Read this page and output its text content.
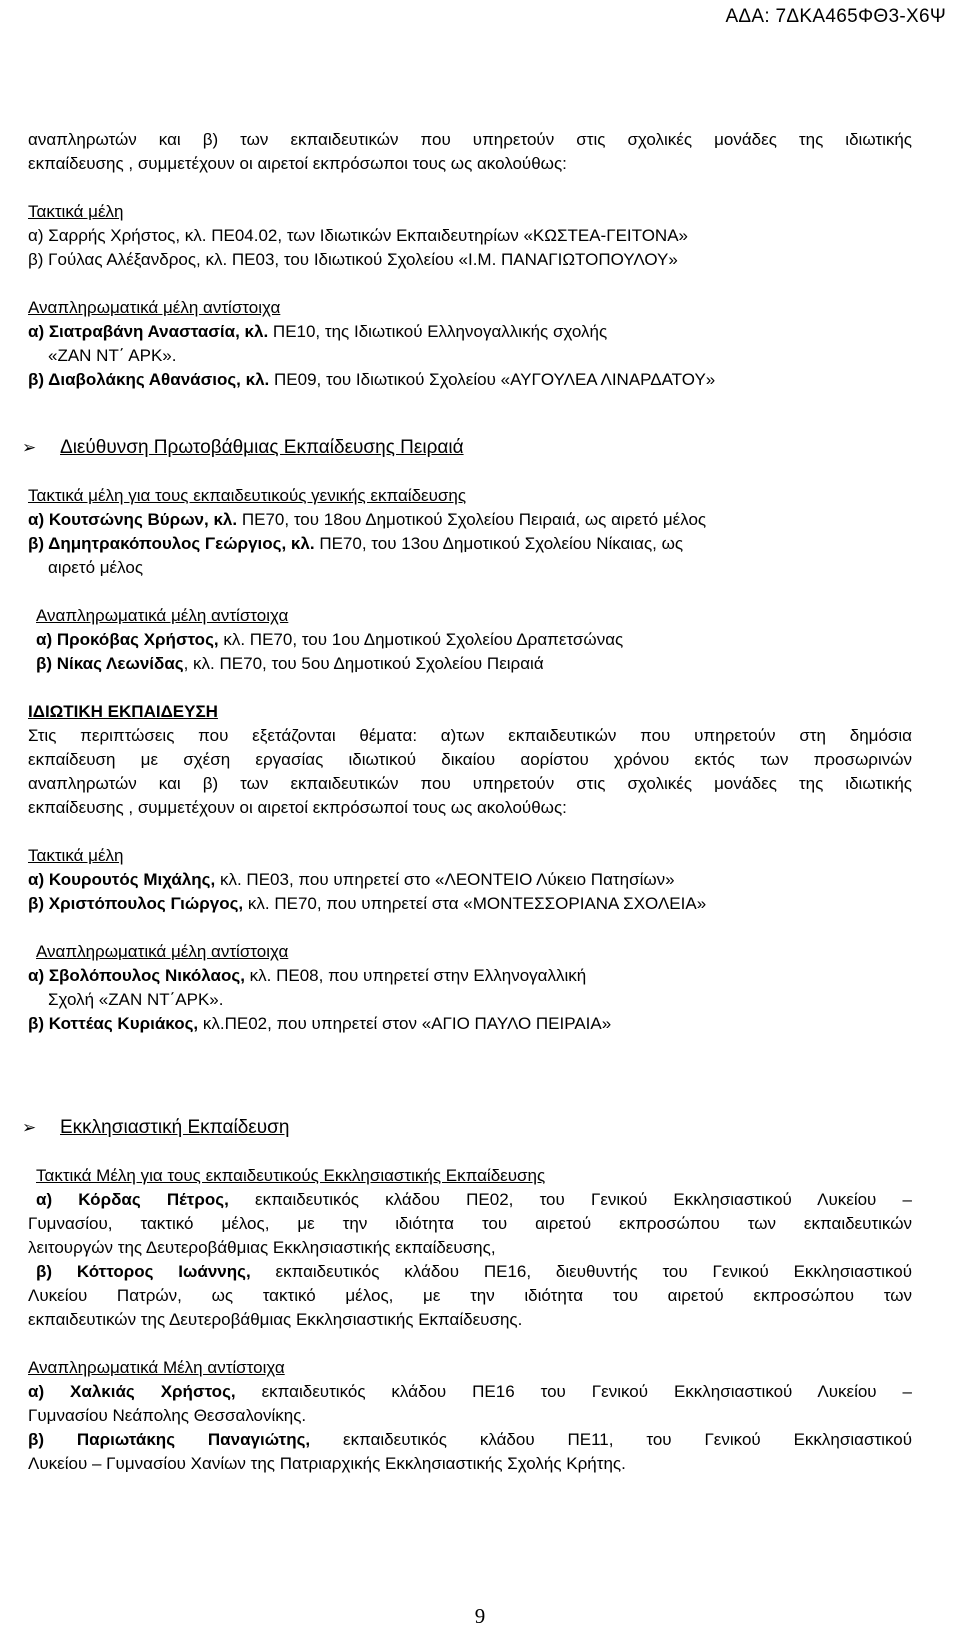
ΑΔΑ: 7ΔΚΑ465ΦΘ3-Χ6Ψ
αναπληρωτών και β) των εκπαιδευτικών που υπηρετούν στις σχολικές μονάδες της ιδιωτικής
εκπαίδευσης , συμμετέχουν οι αιρετοί εκπρόσωποι τους ως ακολούθως:
Τακτικά μέλη
α) Σαρρής Χρήστος, κλ. ΠΕ04.02, των Ιδιωτικών Εκπαιδευτηρίων «ΚΩΣΤΕΑ-ΓΕΙΤΟΝΑ»
β) Γούλας Αλέξανδρος, κλ. ΠΕ03, του Ιδιωτικού Σχολείου «Ι.Μ. ΠΑΝΑΓΙΩΤΟΠΟΥΛΟΥ»
Αναπληρωματικά μέλη αντίστοιχα
α) Σιατραβάνη Αναστασία, κλ. ΠΕ10, της Ιδιωτικού Ελληνογαλλικής σχολής
«ΖΑΝ ΝΤ΄ ΑΡΚ».
β) Διαβολάκης Αθανάσιος, κλ. ΠΕ09, του Ιδιωτικού Σχολείου «ΑΥΓΟΥΛΕΑ ΛΙΝΑΡΔΑΤΟΥ»
➢	Διεύθυνση Πρωτοβάθμιας Εκπαίδευσης Πειραιά
Τακτικά μέλη για τους εκπαιδευτικούς γενικής εκπαίδευσης
α) Κουτσώνης Βύρων, κλ. ΠΕ70, του 18ου Δημοτικού Σχολείου Πειραιά, ως αιρετό μέλος
β) Δημητρακόπουλος Γεώργιος, κλ. ΠΕ70, του 13ου Δημοτικού Σχολείου Νίκαιας, ως
αιρετό μέλος
Αναπληρωματικά μέλη αντίστοιχα
α) Προκόβας Χρήστος, κλ. ΠΕ70, του 1ου Δημοτικού Σχολείου Δραπετσώνας
β) Νίκας Λεωνίδας, κλ. ΠΕ70, του 5ου Δημοτικού Σχολείου Πειραιά
ΙΔΙΩΤΙΚΗ ΕΚΠΑΙΔΕΥΣΗ
Στις περιπτώσεις που εξετάζονται θέματα: α)των εκπαιδευτικών που υπηρετούν στη δημόσια
εκπαίδευση με σχέση εργασίας ιδιωτικού δικαίου αορίστου χρόνου εκτός των προσωρινών
αναπληρωτών και β) των εκπαιδευτικών που υπηρετούν στις σχολικές μονάδες της ιδιωτικής
εκπαίδευσης , συμμετέχουν οι αιρετοί εκπρόσωποί τους ως ακολούθως:
Τακτικά μέλη
α) Κουρουτός Μιχάλης, κλ. ΠΕ03, που υπηρετεί στο «ΛΕΟΝΤΕΙΟ Λύκειο Πατησίων»
β) Χριστόπουλος Γιώργος, κλ. ΠΕ70, που υπηρετεί στα «ΜΟΝΤΕΣΣΟΡΙΑΝΑ ΣΧΟΛΕΙΑ»
Αναπληρωματικά μέλη αντίστοιχα
α) Σβολόπουλος Νικόλαος, κλ. ΠΕ08, που υπηρετεί στην Ελληνογαλλική
Σχολή «ΖΑΝ ΝΤ΄ΑΡΚ».
β) Κοττέας Κυριάκος, κλ.ΠΕ02, που υπηρετεί στον «ΑΓΙΟ ΠΑΥΛΟ ΠΕΙΡΑΙΑ»
➢	Εκκλησιαστική Εκπαίδευση
Τακτικά Μέλη για τους εκπαιδευτικούς Εκκλησιαστικής Εκπαίδευσης
α) Κόρδας Πέτρος, εκπαιδευτικός κλάδου ΠΕ02, του Γενικού Εκκλησιαστικού Λυκείου –
Γυμνασίου, τακτικό μέλος, με την ιδιότητα του αιρετού εκπροσώπου των εκπαιδευτικών
λειτουργών της Δευτεροβάθμιας Εκκλησιαστικής εκπαίδευσης,
β) Κόττορος Ιωάννης, εκπαιδευτικός κλάδου ΠΕ16, διευθυντής του Γενικού Εκκλησιαστικού
Λυκείου Πατρών, ως τακτικό μέλος, με την ιδιότητα του αιρετού εκπροσώπου των
εκπαιδευτικών της Δευτεροβάθμιας Εκκλησιαστικής Εκπαίδευσης.
Αναπληρωματικά Μέλη αντίστοιχα
α) Χαλκιάς Χρήστος, εκπαιδευτικός κλάδου ΠΕ16 του Γενικού Εκκλησιαστικού Λυκείου –
Γυμνασίου Νεάπολης Θεσσαλονίκης.
β) Παριωτάκης Παναγιώτης, εκπαιδευτικός κλάδου ΠΕ11, του Γενικού Εκκλησιαστικού
Λυκείου – Γυμνασίου Χανίων της Πατριαρχικής Εκκλησιαστικής Σχολής Κρήτης.
9
